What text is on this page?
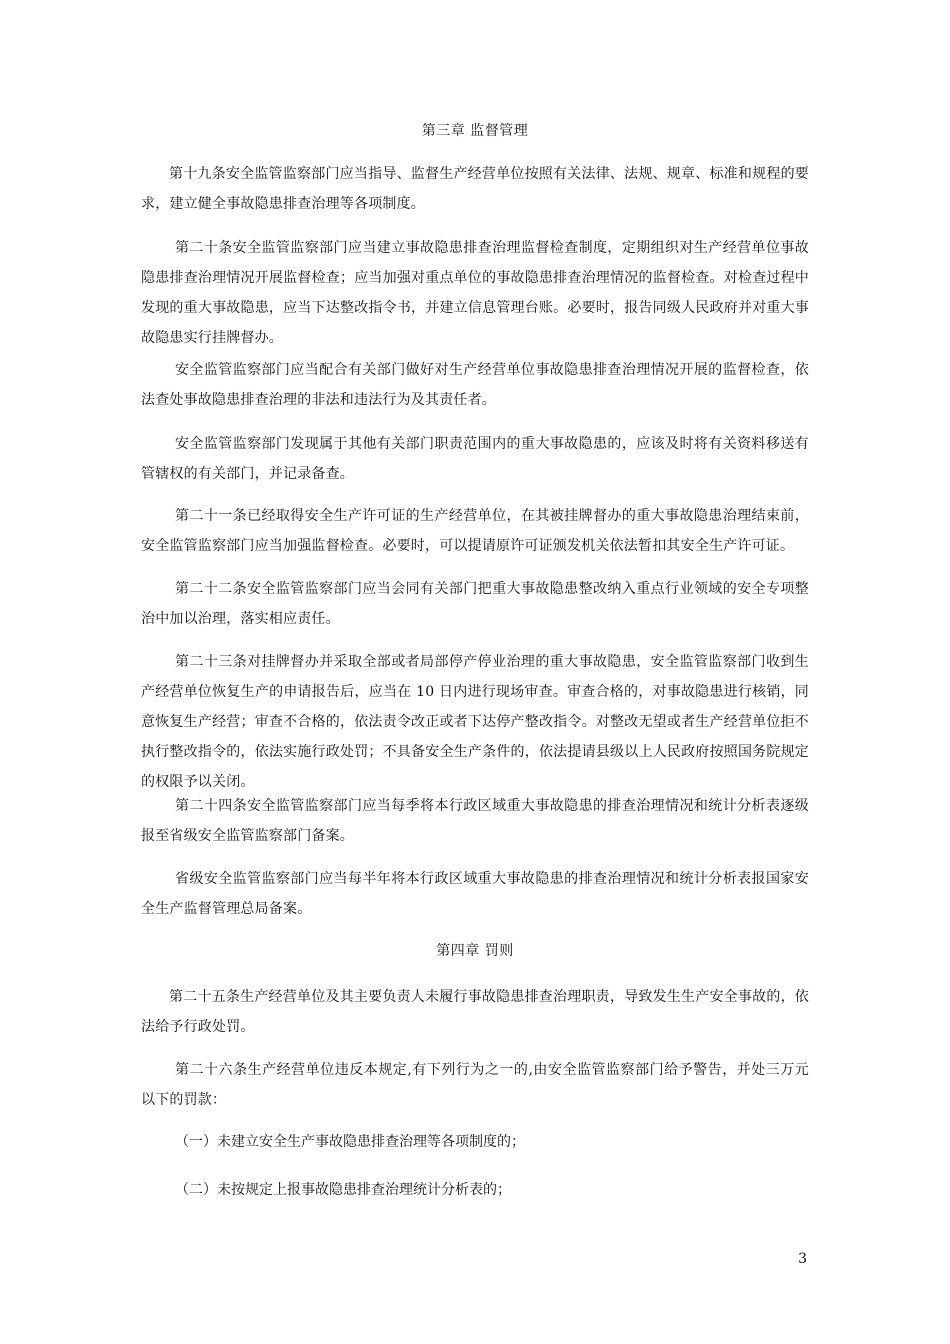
第三章 监督管理
第十九条安全监管监察部门应当指导、监督生产经营单位按照有关法律、法规、规章、标准和规程的要求，建立健全事故隐患排查治理等各项制度。
第二十条安全监管监察部门应当建立事故隐患排查治理监督检查制度，定期组织对生产经营单位事故隐患排查治理情况开展监督检查；应当加强对重点单位的事故隐患排查治理情况的监督检查。对检查过程中发现的重大事故隐患，应当下达整改指令书，并建立信息管理台账。必要时，报告同级人民政府并对重大事故隐患实行挂牌督办。
安全监管监察部门应当配合有关部门做好对生产经营单位事故隐患排查治理情况开展的监督检查，依法查处事故隐患排查治理的非法和违法行为及其责任者。
安全监管监察部门发现属于其他有关部门职责范围内的重大事故隐患的，应该及时将有关资料移送有管辖权的有关部门，并记录备查。
第二十一条已经取得安全生产许可证的生产经营单位，在其被挂牌督办的重大事故隐患治理结束前，安全监管监察部门应当加强监督检查。必要时，可以提请原许可证颁发机关依法暂扣其安全生产许可证。
第二十二条安全监管监察部门应当会同有关部门把重大事故隐患整改纳入重点行业领域的安全专项整治中加以治理，落实相应责任。
第二十三条对挂牌督办并采取全部或者局部停产停业治理的重大事故隐患，安全监管监察部门收到生产经营单位恢复生产的申请报告后，应当在 10 日内进行现场审查。审查合格的，对事故隐患进行核销，同意恢复生产经营；审查不合格的，依法责令改正或者下达停产整改指令。对整改无望或者生产经营单位拒不执行整改指令的，依法实施行政处罚；不具备安全生产条件的，依法提请县级以上人民政府按照国务院规定的权限予以关闭。
第二十四条安全监管监察部门应当每季将本行政区域重大事故隐患的排查治理情况和统计分析表逐级报至省级安全监管监察部门备案。
省级安全监管监察部门应当每半年将本行政区域重大事故隐患的排查治理情况和统计分析表报国家安全生产监督管理总局备案。
第四章 罚则
第二十五条生产经营单位及其主要负责人未履行事故隐患排查治理职责，导致发生生产安全事故的，依法给予行政处罚。
第二十六条生产经营单位违反本规定,有下列行为之一的,由安全监管监察部门给予警告，并处三万元以下的罚款：
（一）未建立安全生产事故隐患排查治理等各项制度的；
（二）未按规定上报事故隐患排查治理统计分析表的；
3
